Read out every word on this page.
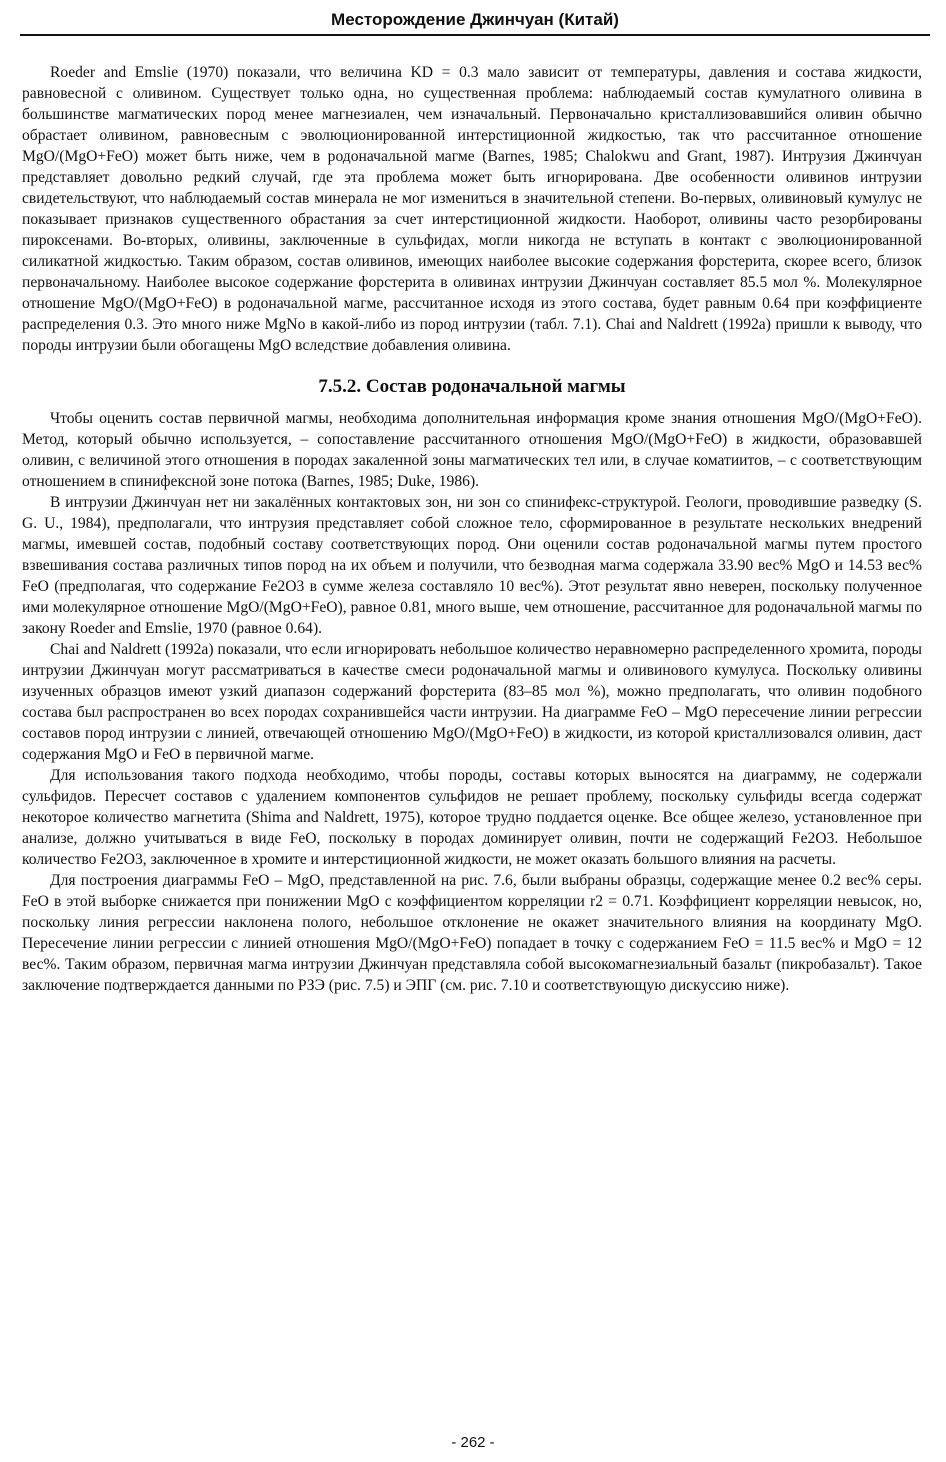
Месторождение Джинчуан (Китай)

Roeder and Emslie (1970) показали, что величина KD = 0.3 мало зависит от температуры, давления и состава жидкости, равновесной с оливином. Существует только одна, но существенная проблема: наблюдаемый состав кумулатного оливина в большинстве магматических пород менее магнезиален, чем изначальный. Первоначально кристаллизовавшийся оливин обычно обрастает оливином, равновесным с эволюционированной интерстиционной жидкостью, так что рассчитанное отношение MgO/(MgO+FeO) может быть ниже, чем в родоначальной магме (Barnes, 1985; Chalokwu and Grant, 1987). Интрузия Джинчуан представляет довольно редкий случай, где эта проблема может быть игнорирована. Две особенности оливинов интрузии свидетельствуют, что наблюдаемый состав минерала не мог измениться в значительной степени. Во-первых, оливиновый кумулус не показывает признаков существенного обрастания за счет интерстиционной жидкости. Наоборот, оливины часто резорбированы пироксенами. Во-вторых, оливины, заключенные в сульфидах, могли никогда не вступать в контакт с эволюционированной силикатной жидкостью. Таким образом, состав оливинов, имеющих наиболее высокие содержания форстерита, скорее всего, близок первоначальному. Наиболее высокое содержание форстерита в оливинах интрузии Джинчуан составляет 85.5 мол %. Молекулярное отношение MgO/(MgO+FeO) в родоначальной магме, рассчитанное исходя из этого состава, будет равным 0.64 при коэффициенте распределения 0.3. Это много ниже MgNo в какой-либо из пород интрузии (табл. 7.1). Chai and Naldrett (1992a) пришли к выводу, что породы интрузии были обогащены MgO вследствие добавления оливина.

7.5.2. Состав родоначальной магмы

Чтобы оценить состав первичной магмы, необходима дополнительная информация кроме знания отношения MgO/(MgO+FeO). Метод, который обычно используется, – сопоставление рассчитанного отношения MgO/(MgO+FeO) в жидкости, образовавшей оливин, с величиной этого отношения в породах закаленной зоны магматических тел или, в случае коматиитов, – с соответствующим отношением в спинифексной зоне потока (Barnes, 1985; Duke, 1986).

В интрузии Джинчуан нет ни закалённых контактовых зон, ни зон со спинифекс-структурой. Геологи, проводившие разведку (S. G. U., 1984), предполагали, что интрузия представляет собой сложное тело, сформированное в результате нескольких внедрений магмы, имевшей состав, подобный составу соответствующих пород. Они оценили состав родоначальной магмы путем простого взвешивания состава различных типов пород на их объем и получили, что безводная магма содержала 33.90 вес% MgO и 14.53 вес% FeO (предполагая, что содержание Fe2O3 в сумме железа составляло 10 вес%). Этот результат явно неверен, поскольку полученное ими молекулярное отношение MgO/(MgO+FeO), равное 0.81, много выше, чем отношение, рассчитанное для родоначальной магмы по закону Roeder and Emslie, 1970 (равное 0.64).

Chai and Naldrett (1992a) показали, что если игнорировать небольшое количество неравномерно распределенного хромита, породы интрузии Джинчуан могут рассматриваться в качестве смеси родоначальной магмы и оливинового кумулуса. Поскольку оливины изученных образцов имеют узкий диапазон содержаний форстерита (83–85 мол %), можно предполагать, что оливин подобного состава был распространен во всех породах сохранившейся части интрузии. На диаграмме FeO – MgO пересечение линии регрессии составов пород интрузии с линией, отвечающей отношению MgO/(MgO+FeO) в жидкости, из которой кристаллизовался оливин, даст содержания MgO и FeO в первичной магме.

Для использования такого подхода необходимо, чтобы породы, составы которых выносятся на диаграмму, не содержали сульфидов. Пересчет составов с удалением компонентов сульфидов не решает проблему, поскольку сульфиды всегда содержат некоторое количество магнетита (Shima and Naldrett, 1975), которое трудно поддается оценке. Все общее железо, установленное при анализе, должно учитываться в виде FeO, поскольку в породах доминирует оливин, почти не содержащий Fe2O3. Небольшое количество Fe2O3, заключенное в хромите и интерстиционной жидкости, не может оказать большого влияния на расчеты.

Для построения диаграммы FeO – MgO, представленной на рис. 7.6, были выбраны образцы, содержащие менее 0.2 вес% серы. FeO в этой выборке снижается при понижении MgO с коэффициентом корреляции r2 = 0.71. Коэффициент корреляции невысок, но, поскольку линия регрессии наклонена полого, небольшое отклонение не окажет значительного влияния на координату MgO. Пересечение линии регрессии с линией отношения MgO/(MgO+FeO) попадает в точку с содержанием FeO = 11.5 вес% и MgO = 12 вес%. Таким образом, первичная магма интрузии Джинчуан представляла собой высокомагнезиальный базальт (пикробазальт). Такое заключение подтверждается данными по РЗЭ (рис. 7.5) и ЭПГ (см. рис. 7.10 и соответствующую дискуссию ниже).

- 262 -
